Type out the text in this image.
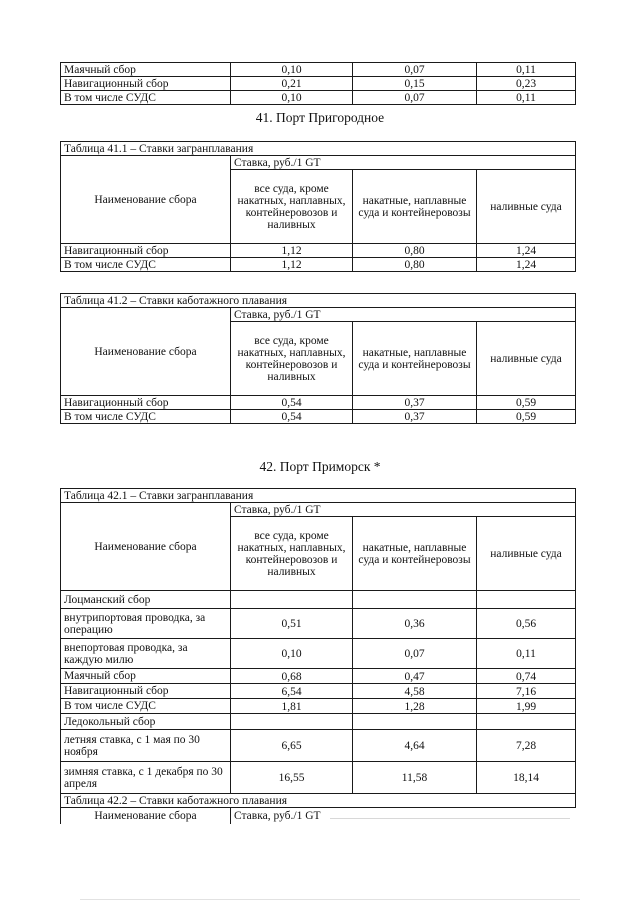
Маячный сбор	0,10	0,07	0,11
Навигационный сбор	0,21	0,15	0,23
В том числе СУДС	0,10	0,07	0,11
41. Порт Пригородное
Таблица 41.1 – Ставки загранплавания			
Наименование сбора	Ставка, руб./1 GT		
	все суда, кроме накатных, наплавных, контейнеровозов и наливных	накатные, наплавные суда и контейнеровозы	наливные суда
Навигационный сбор	1,12	0,80	1,24
В том числе СУДС	1,12	0,80	1,24
Таблица 41.2 – Ставки каботажного плавания			
Наименование сбора	Ставка, руб./1 GT		
	все суда, кроме накатных, наплавных, контейнеровозов и наливных	накатные, наплавные суда и контейнеровозы	наливные суда
Навигационный сбор	0,54	0,37	0,59
В том числе СУДС	0,54	0,37	0,59
42. Порт Приморск *
Таблица 42.1 – Ставки загранплавания			
Наименование сбора	Ставка, руб./1 GT		
	все суда, кроме накатных, наплавных, контейнеровозов и наливных	накатные, наплавные суда и контейнеровозы	наливные суда
Лоцманский сбор			
внутрипортовая проводка, за операцию	0,51	0,36	0,56
внепортовая проводка, за каждую милю	0,10	0,07	0,11
Маячный сбор	0,68	0,47	0,74
Навигационный сбор	6,54	4,58	7,16
В том числе СУДС	1,81	1,28	1,99
Ледокольный сбор			
летняя ставка, с 1 мая по 30 ноября	6,65	4,64	7,28
зимняя ставка, с 1 декабря по 30 апреля	16,55	11,58	18,14
Таблица 42.2 – Ставки каботажного плавания			
Наименование сбора	Ставка, руб./1 GT		
